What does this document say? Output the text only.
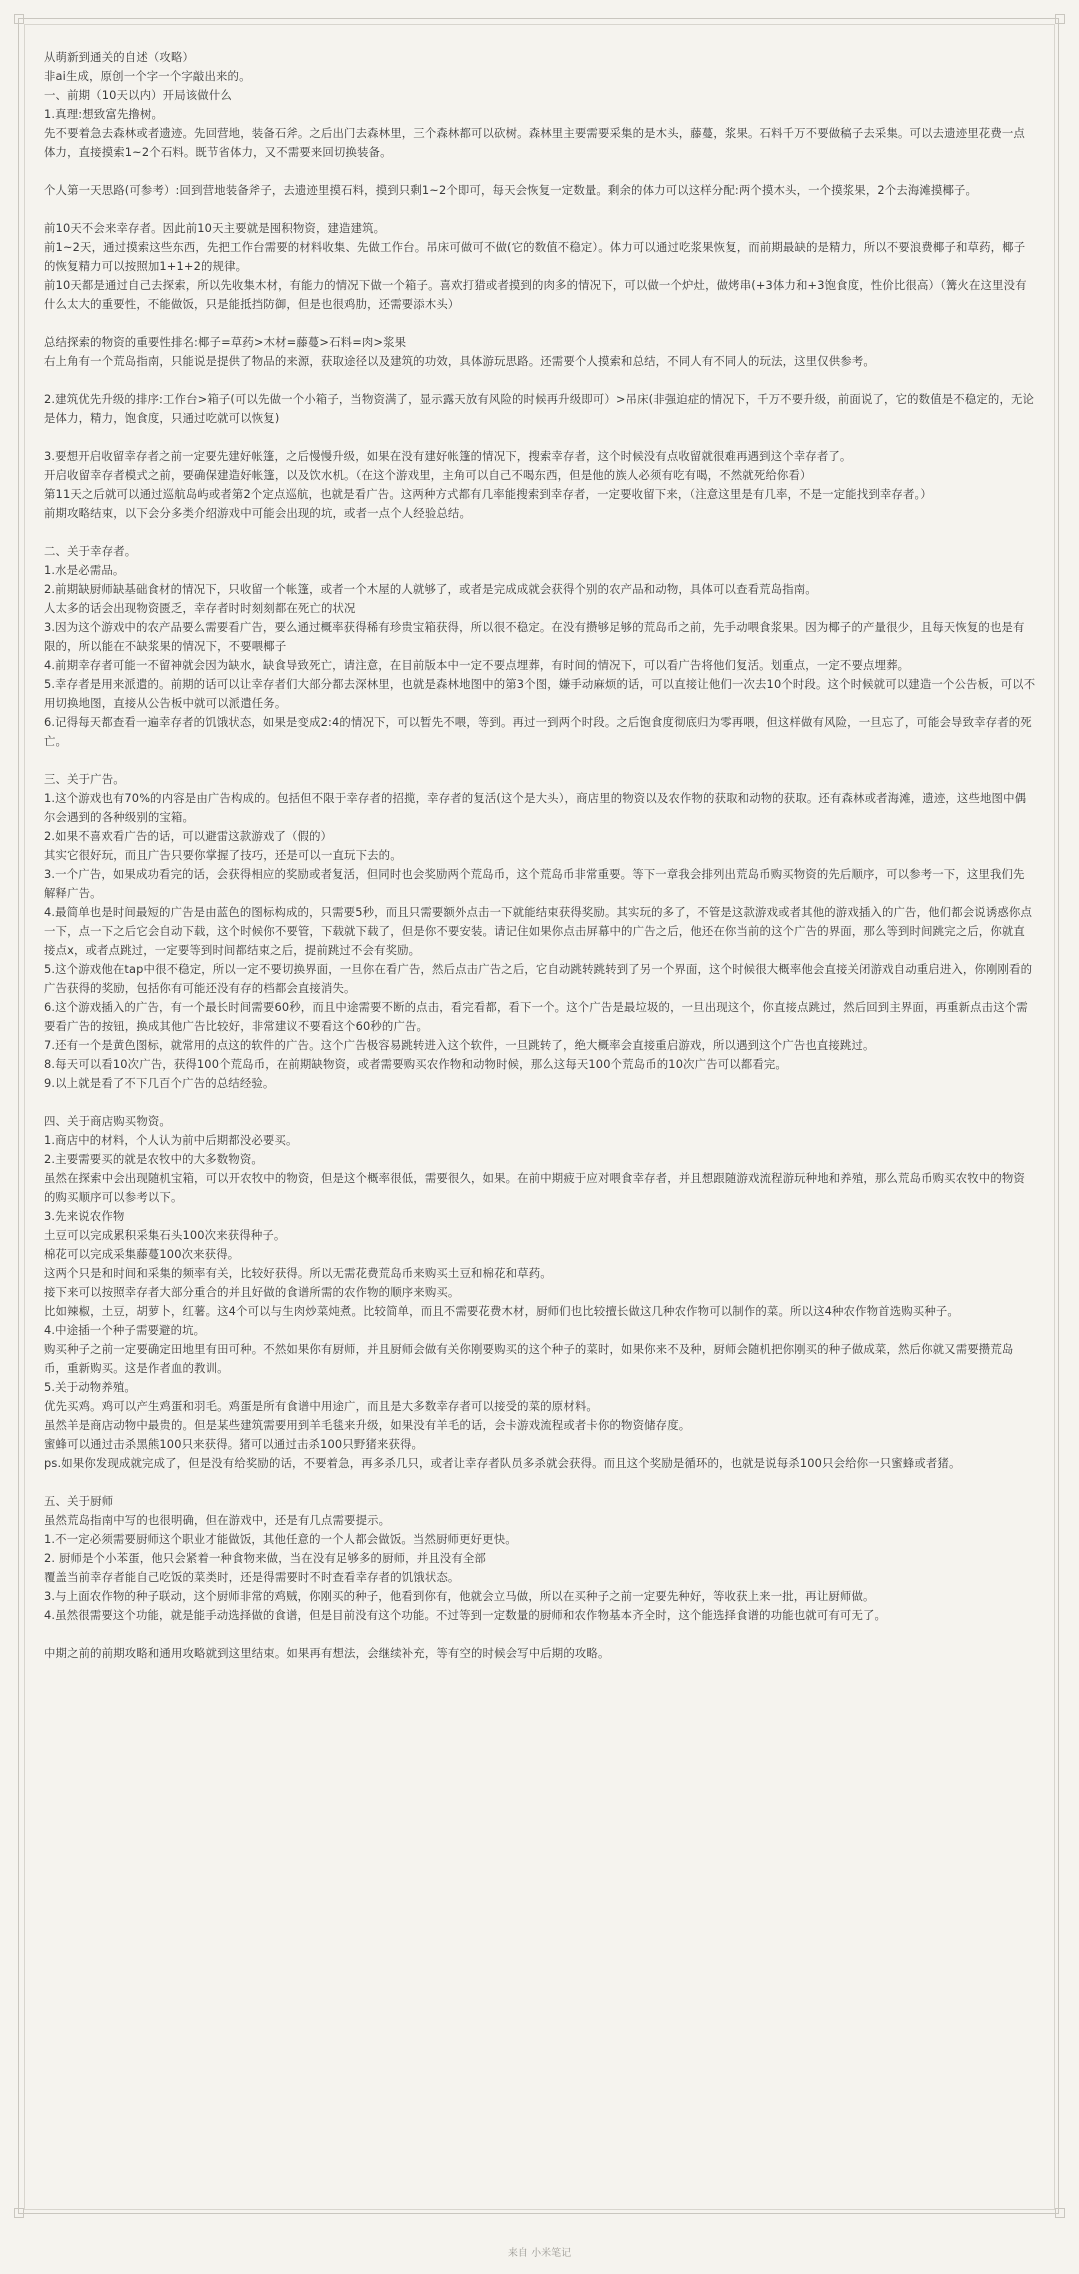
从萌新到通关的自述（攻略）

非ai生成，原创一个字一个字敲出来的。

一、前期（10天以内）开局该做什么

1.真理:想致富先撸树。

先不要着急去森林或者遗迹。先回营地，装备石斧。之后出门去森林里，三个森林都可以砍树。森林里主要需要采集的是木头，藤蔓，浆果。石料千万不要做稿子去采集。可以去遗迹里花费一点体力，直接摸索1~2个石料。既节省体力，又不需要来回切换装备。

个人第一天思路(可参考）:回到营地装备斧子，去遗迹里摸石料，摸到只剩1~2个即可，每天会恢复一定数量。剩余的体力可以这样分配:两个摸木头，一个摸浆果，2个去海滩摸椰子。

前10天不会来幸存者。因此前10天主要就是囤积物资，建造建筑。

前1~2天，通过摸索这些东西，先把工作台需要的材料收集、先做工作台。吊床可做可不做(它的数值不稳定）。体力可以通过吃浆果恢复，而前期最缺的是精力，所以不要浪费椰子和草药，椰子的恢复精力可以按照加1+1+2的规律。

前10天都是通过自己去探索，所以先收集木材，有能力的情况下做一个箱子。喜欢打猎或者摸到的肉多的情况下，可以做一个炉灶，做烤串(+3体力和+3饱食度，性价比很高）（篝火在这里没有什么太大的重要性，不能做饭，只是能抵挡防御，但是也很鸡肋，还需要添木头）

总结探索的物资的重要性排名:椰子=草药>木材=藤蔓>石料=肉>浆果

右上角有一个荒岛指南，只能说是提供了物品的来源，获取途径以及建筑的功效，具体游玩思路。还需要个人摸索和总结，不同人有不同人的玩法，这里仅供参考。

2.建筑优先升级的排序:工作台>箱子(可以先做一个小箱子，当物资满了，显示露天放有风险的时候再升级即可）>吊床(非强迫症的情况下，千万不要升级，前面说了，它的数值是不稳定的，无论是体力，精力，饱食度，只通过吃就可以恢复)

3.要想开启收留幸存者之前一定要先建好帐篷，之后慢慢升级，如果在没有建好帐篷的情况下，搜索幸存者，这个时候没有点收留就很难再遇到这个幸存者了。

开启收留幸存者模式之前，要确保建造好帐篷，以及饮水机。（在这个游戏里，主角可以自己不喝东西，但是他的族人必须有吃有喝，不然就死给你看）

第11天之后就可以通过巡航岛屿或者第2个定点巡航，也就是看广告。这两种方式都有几率能搜索到幸存者，一定要收留下来，（注意这里是有几率，不是一定能找到幸存者。）

前期攻略结束，以下会分多类介绍游戏中可能会出现的坑，或者一点个人经验总结。

二、关于幸存者。

1.水是必需品。

2.前期缺厨师缺基础食材的情况下，只收留一个帐篷，或者一个木屋的人就够了，或者是完成成就会获得个别的农产品和动物，具体可以查看荒岛指南。

人太多的话会出现物资匮乏，幸存者时时刻刻都在死亡的状况

3.因为这个游戏中的农产品要么需要看广告，要么通过概率获得稀有珍贵宝箱获得，所以很不稳定。在没有攒够足够的荒岛币之前，先手动喂食浆果。因为椰子的产量很少，且每天恢复的也是有限的，所以能在不缺浆果的情况下，不要喂椰子

4.前期幸存者可能一不留神就会因为缺水，缺食导致死亡，请注意，在目前版本中一定不要点埋葬，有时间的情况下，可以看广告将他们复活。划重点，一定不要点埋葬。

5.幸存者是用来派遣的。前期的话可以让幸存者们大部分都去深林里，也就是森林地图中的第3个图，嫌手动麻烦的话，可以直接让他们一次去10个时段。这个时候就可以建造一个公告板，可以不用切换地图，直接从公告板中就可以派遣任务。

6.记得每天都查看一遍幸存者的饥饿状态，如果是变成2:4的情况下，可以暂先不喂，等到。再过一到两个时段。之后饱食度彻底归为零再喂，但这样做有风险，一旦忘了，可能会导致幸存者的死亡。

三、关于广告。

1.这个游戏也有70%的内容是由广告构成的。包括但不限于幸存者的招揽，幸存者的复活(这个是大头），商店里的物资以及农作物的获取和动物的获取。还有森林或者海滩，遗迹，这些地图中偶尔会遇到的各种级别的宝箱。

2.如果不喜欢看广告的话，可以避雷这款游戏了（假的）

其实它很好玩，而且广告只要你掌握了技巧，还是可以一直玩下去的。

3.一个广告，如果成功看完的话，会获得相应的奖励或者复活，但同时也会奖励两个荒岛币，这个荒岛币非常重要。等下一章我会排列出荒岛币购买物资的先后顺序，可以参考一下，这里我们先解释广告。

4.最简单也是时间最短的广告是由蓝色的图标构成的，只需要5秒，而且只需要额外点击一下就能结束获得奖励。其实玩的多了，不管是这款游戏或者其他的游戏插入的广告，他们都会说诱惑你点一下，点一下之后它会自动下载，这个时候你不要管，下载就下载了，但是你不要安装。请记住如果你点击屏幕中的广告之后，他还在你当前的这个广告的界面，那么等到时间跳完之后，你就直接点x，或者点跳过，一定要等到时间都结束之后，提前跳过不会有奖励。

5.这个游戏他在tap中很不稳定，所以一定不要切换界面，一旦你在看广告，然后点击广告之后，它自动跳转跳转到了另一个界面，这个时候很大概率他会直接关闭游戏自动重启进入，你刚刚看的广告获得的奖励，包括你有可能还没有存的档都会直接消失。

6.这个游戏插入的广告，有一个最长时间需要60秒，而且中途需要不断的点击，看完看都，看下一个。这个广告是最垃圾的，一旦出现这个，你直接点跳过，然后回到主界面，再重新点击这个需要看广告的按钮，换成其他广告比较好，非常建议不要看这个60秒的广告。

7.还有一个是黄色图标，就常用的点这的软件的广告。这个广告极容易跳转进入这个软件，一旦跳转了，绝大概率会直接重启游戏，所以遇到这个广告也直接跳过。

8.每天可以看10次广告，获得100个荒岛币，在前期缺物资，或者需要购买农作物和动物时候，那么这每天100个荒岛币的10次广告可以都看完。

9.以上就是看了不下几百个广告的总结经验。

四、关于商店购买物资。

1.商店中的材料，个人认为前中后期都没必要买。

2.主要需要买的就是农牧中的大多数物资。

虽然在探索中会出现随机宝箱，可以开农牧中的物资，但是这个概率很低，需要很久，如果。在前中期疲于应对喂食幸存者，并且想跟随游戏流程游玩种地和养殖，那么荒岛币购买农牧中的物资的购买顺序可以参考以下。

3.先来说农作物

土豆可以完成累积采集石头100次来获得种子。

棉花可以完成采集藤蔓100次来获得。

这两个只是和时间和采集的频率有关，比较好获得。所以无需花费荒岛币来购买土豆和棉花和草药。

接下来可以按照幸存者大部分重合的并且好做的食谱所需的农作物的顺序来购买。

比如辣椒，土豆，胡萝卜，红薯。这4个可以与生肉炒菜炖煮。比较简单，而且不需要花费木材，厨师们也比较擅长做这几种农作物可以制作的菜。所以这4种农作物首选购买种子。

4.中途插一个种子需要避的坑。

购买种子之前一定要确定田地里有田可种。不然如果你有厨师，并且厨师会做有关你刚要购买的这个种子的菜时，如果你来不及种，厨师会随机把你刚买的种子做成菜，然后你就又需要攒荒岛币，重新购买。这是作者血的教训。

5.关于动物养殖。

优先买鸡。鸡可以产生鸡蛋和羽毛。鸡蛋是所有食谱中用途广，而且是大多数幸存者可以接受的菜的原材料。

虽然羊是商店动物中最贵的。但是某些建筑需要用到羊毛毯来升级，如果没有羊毛的话，会卡游戏流程或者卡你的物资储存度。

蜜蜂可以通过击杀黑熊100只来获得。猪可以通过击杀100只野猪来获得。

ps.如果你发现成就完成了，但是没有给奖励的话，不要着急，再多杀几只，或者让幸存者队员多杀就会获得。而且这个奖励是循环的，也就是说每杀100只会给你一只蜜蜂或者猪。

五、关于厨师

虽然荒岛指南中写的也很明确，但在游戏中，还是有几点需要提示。

1.不一定必须需要厨师这个职业才能做饭，其他任意的一个人都会做饭。当然厨师更好更快。

2. 厨师是个小苯蛋，他只会紧着一种食物来做，当在没有足够多的厨师，并且没有全部

覆盖当前幸存者能自己吃饭的菜类时，还是得需要时不时查看幸存者的饥饿状态。

3.与上面农作物的种子联动，这个厨师非常的鸡贼，你刚买的种子，他看到你有，他就会立马做，所以在买种子之前一定要先种好，等收获上来一批，再让厨师做。

4.虽然很需要这个功能，就是能手动选择做的食谱，但是目前没有这个功能。不过等到一定数量的厨师和农作物基本齐全时，这个能选择食谱的功能也就可有可无了。

中期之前的前期攻略和通用攻略就到这里结束。如果再有想法，会继续补充，等有空的时候会写中后期的攻略。

来自 小米笔记
